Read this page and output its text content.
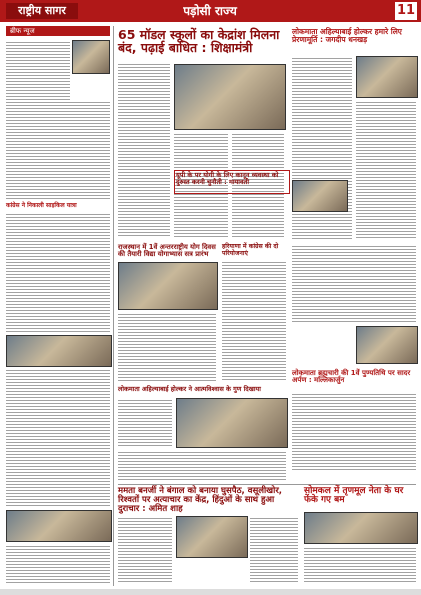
राष्ट्रीय सागर	पड़ोसी राज्य	11
ब्रीफ न्यूज
कांग्रेस ने निकाली साइकिल यात्रा
65 मॉडल स्कूलों का केद्रांश मिलना बंद, पढ़ाई बाधित : शिक्षामंत्री
लोकमाता अहिल्याबाई होल्कर हमारे लिए प्रेरणामूर्ति : जगदीप धनखड़
यूपी के पर योगी के लिए कानून व्यवस्था को दुरुस्त करनी चुनौती : मायावती
राजस्थान में 1वें अन्तरराष्ट्रीय योग दिवस की तैयारी विद्या योगाभ्यास सत्र प्रारंभ
हरियाणा में कांग्रेस की दो परियोजनाएं
लोकमाता अहिल्याबाई होल्कर ने आत्मविश्वास के गुण दिखाया
लोकमाता ब्रह्मचारी की 1वें पुण्यतिथि पर सादर अर्पण : मल्लिकार्जुन
ममता बनर्जी ने बंगाल को बनाया घुसपैठ, वसूलीखोर, रिश्वतों पर अत्याचार का केंद्र, हिंदुओं के साथ हुआ दुराचार : अमित शाह
सोमकल में तृणमूल नेता के घर फेंके गए बम
